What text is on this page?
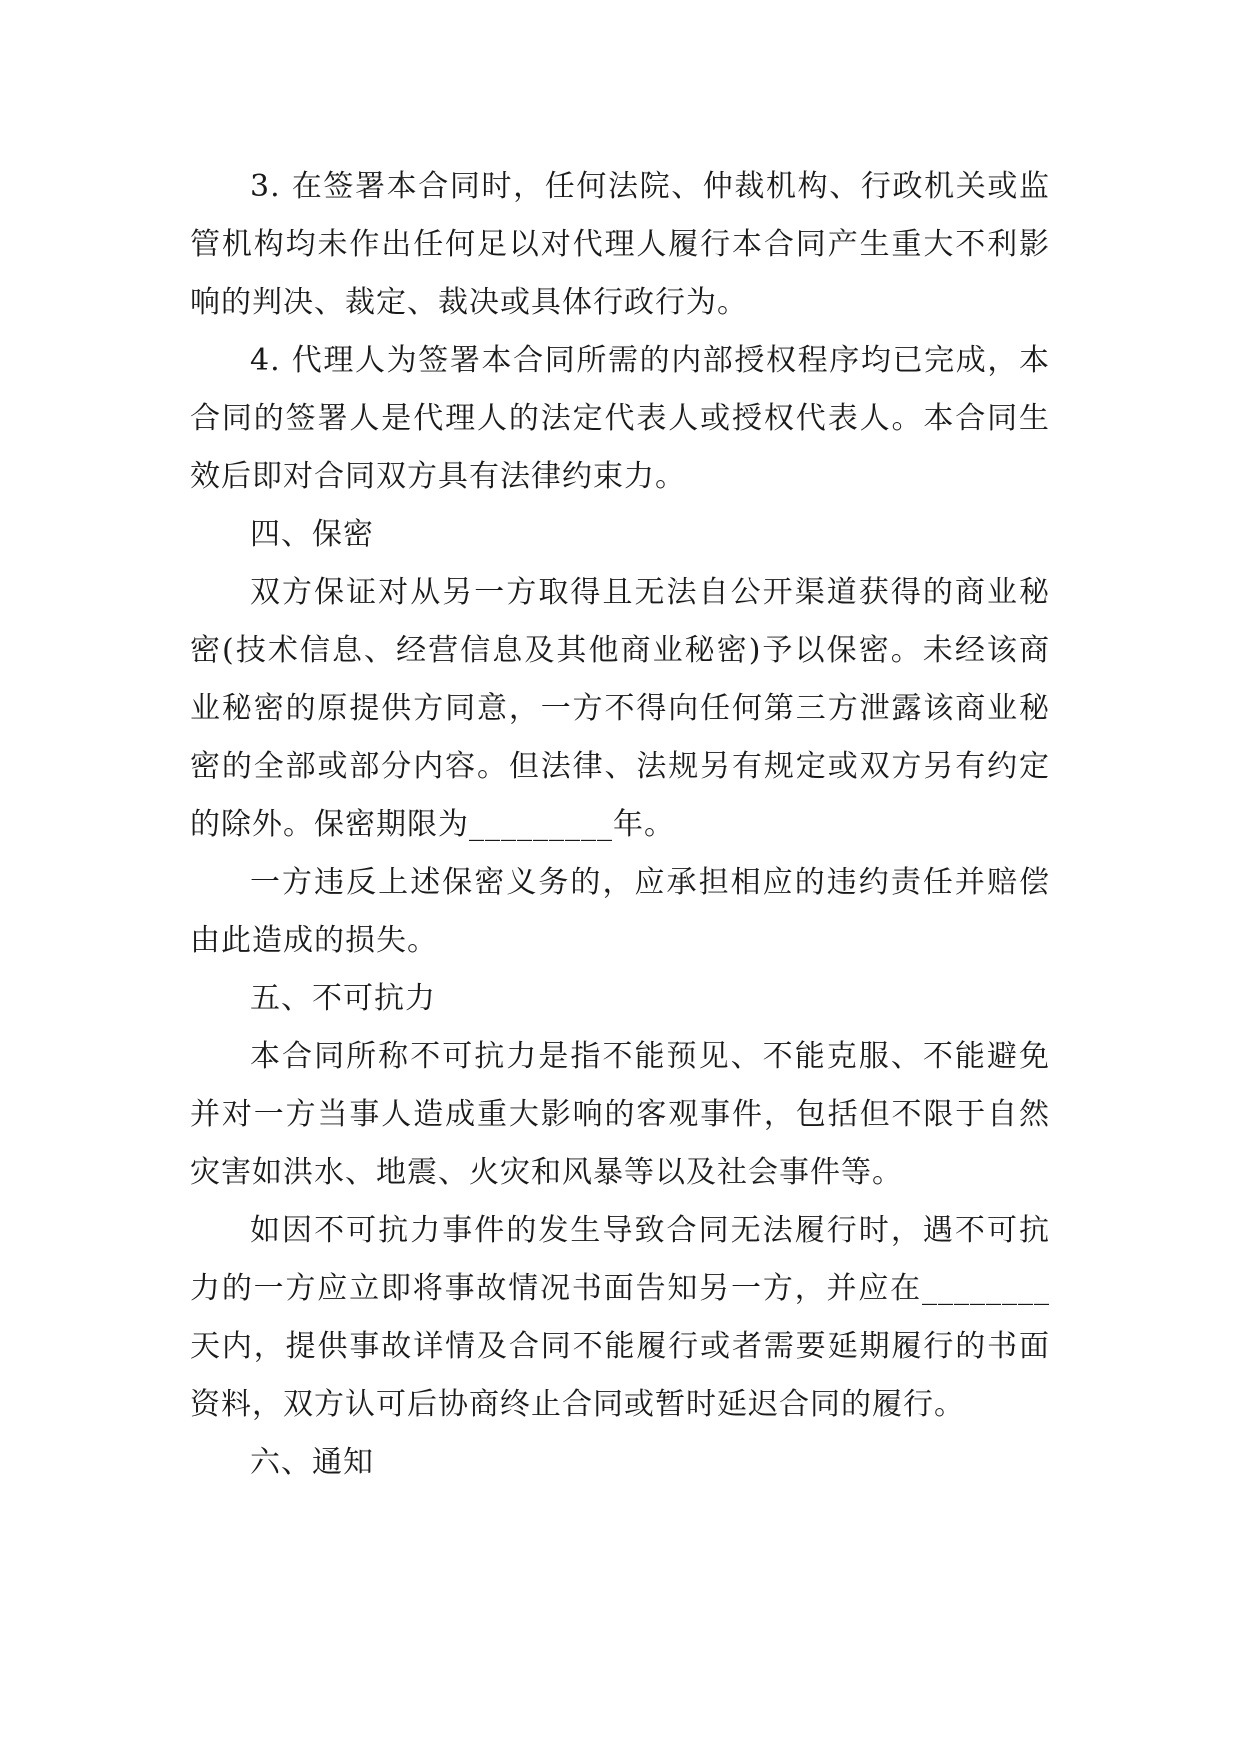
3. 在签署本合同时，任何法院、仲裁机构、行政机关或监管机构均未作出任何足以对代理人履行本合同产生重大不利影响的判决、裁定、裁决或具体行政行为。

4. 代理人为签署本合同所需的内部授权程序均已完成，本合同的签署人是代理人的法定代表人或授权代表人。本合同生效后即对合同双方具有法律约束力。

四、保密

双方保证对从另一方取得且无法自公开渠道获得的商业秘密(技术信息、经营信息及其他商业秘密)予以保密。未经该商业秘密的原提供方同意，一方不得向任何第三方泄露该商业秘密的全部或部分内容。但法律、法规另有规定或双方另有约定的除外。保密期限为_________年。

一方违反上述保密义务的，应承担相应的违约责任并赔偿由此造成的损失。

五、不可抗力

本合同所称不可抗力是指不能预见、不能克服、不能避免并对一方当事人造成重大影响的客观事件，包括但不限于自然灾害如洪水、地震、火灾和风暴等以及社会事件等。

如因不可抗力事件的发生导致合同无法履行时，遇不可抗力的一方应立即将事故情况书面告知另一方，并应在________天内，提供事故详情及合同不能履行或者需要延期履行的书面资料，双方认可后协商终止合同或暂时延迟合同的履行。

六、通知
